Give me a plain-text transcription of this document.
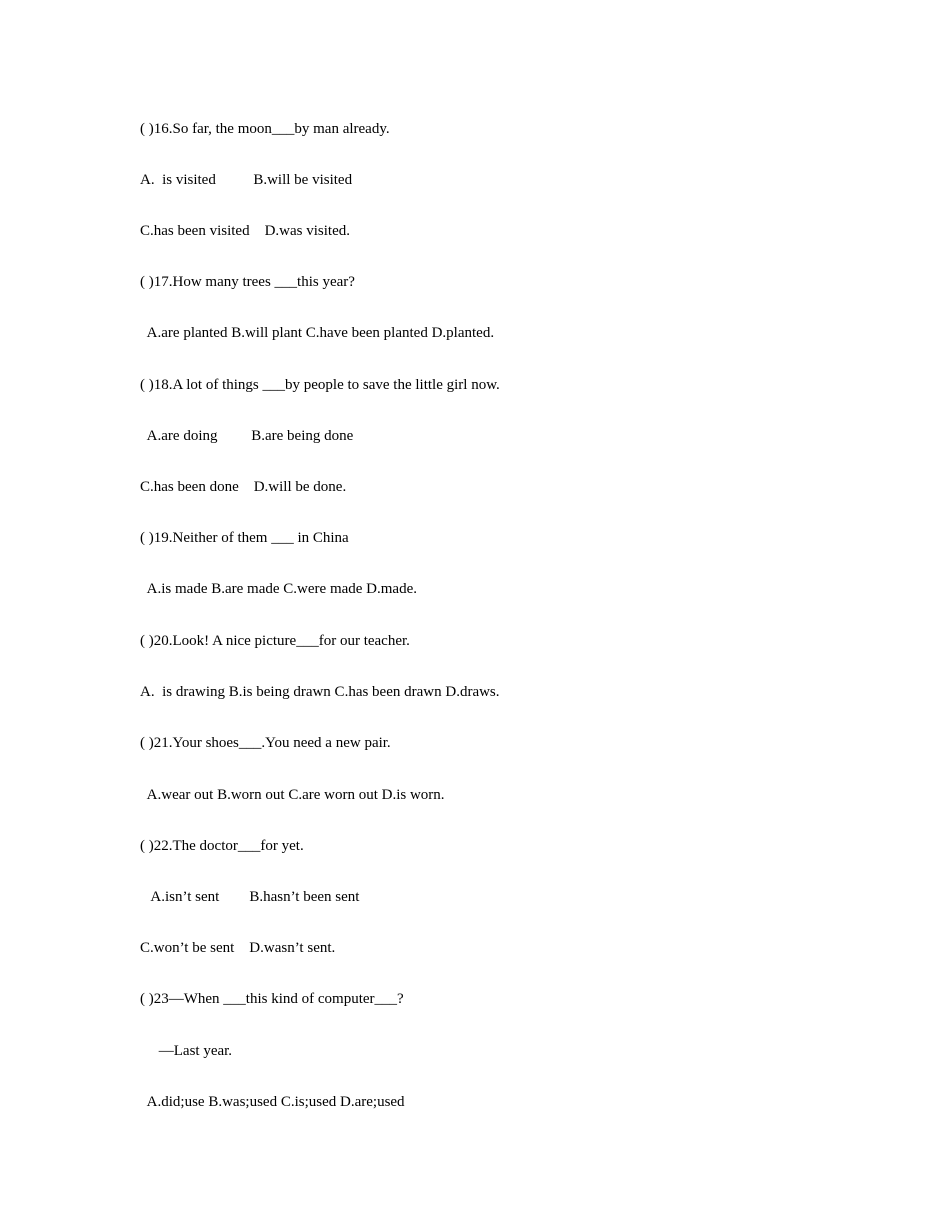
( )16.So far, the moon___by man already.
A.  is visited          B.will be visited
C.has been visited    D.was visited.
( )17.How many trees ___this year?
A.are planted B.will plant C.have been planted D.planted.
( )18.A lot of things ___by people to save the little girl now.
A.are doing         B.are being done
C.has been done    D.will be done.
( )19.Neither of them ___ in China
A.is made B.are made C.were made D.made.
( )20.Look! A nice picture___for our teacher.
A.  is drawing B.is being drawn C.has been drawn D.draws.
( )21.Your shoes___.You need a new pair.
A.wear out B.worn out C.are worn out D.is worn.
( )22.The doctor___for yet.
A.isn’t sent        B.hasn’t been sent
C.won’t be sent    D.wasn’t sent.
( )23—When ___this kind of computer___?
—Last year.
A.did;use B.was;used C.is;used D.are;used
